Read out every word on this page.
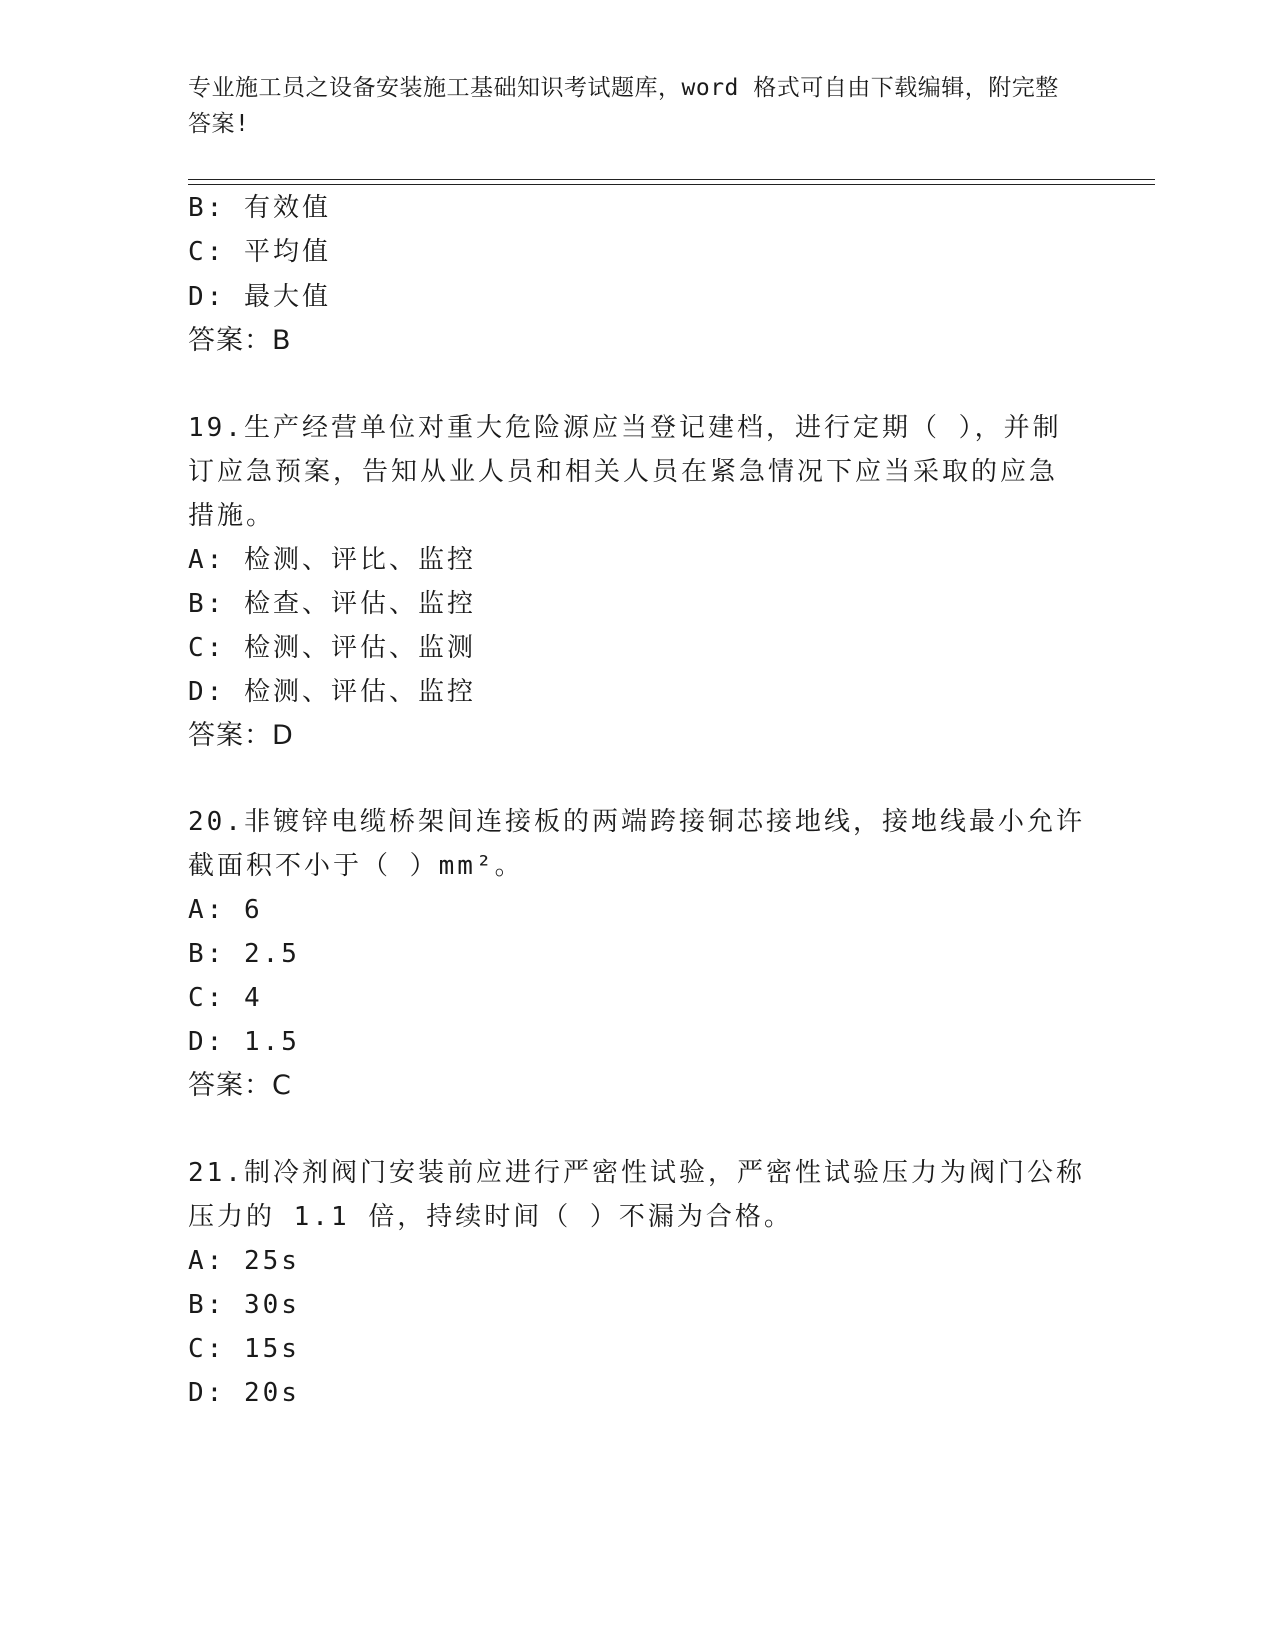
专业施工员之设备安装施工基础知识考试题库，word 格式可自由下载编辑，附完整答案!
B: 有效值
C: 平均值
D: 最大值
答案：B
19.生产经营单位对重大危险源应当登记建档，进行定期（ ），并制
订应急预案，告知从业人员和相关人员在紧急情况下应当采取的应急
措施。
A: 检测、评比、监控
B: 检查、评估、监控
C: 检测、评估、监测
D: 检测、评估、监控
答案：D
20.非镀锌电缆桥架间连接板的两端跨接铜芯接地线，接地线最小允许
截面积不小于（ ）mm²。
A: 6
B: 2.5
C: 4
D: 1.5
答案：C
21.制冷剂阀门安装前应进行严密性试验，严密性试验压力为阀门公称
压力的 1.1 倍，持续时间（ ）不漏为合格。
A: 25s
B: 30s
C: 15s
D: 20s
